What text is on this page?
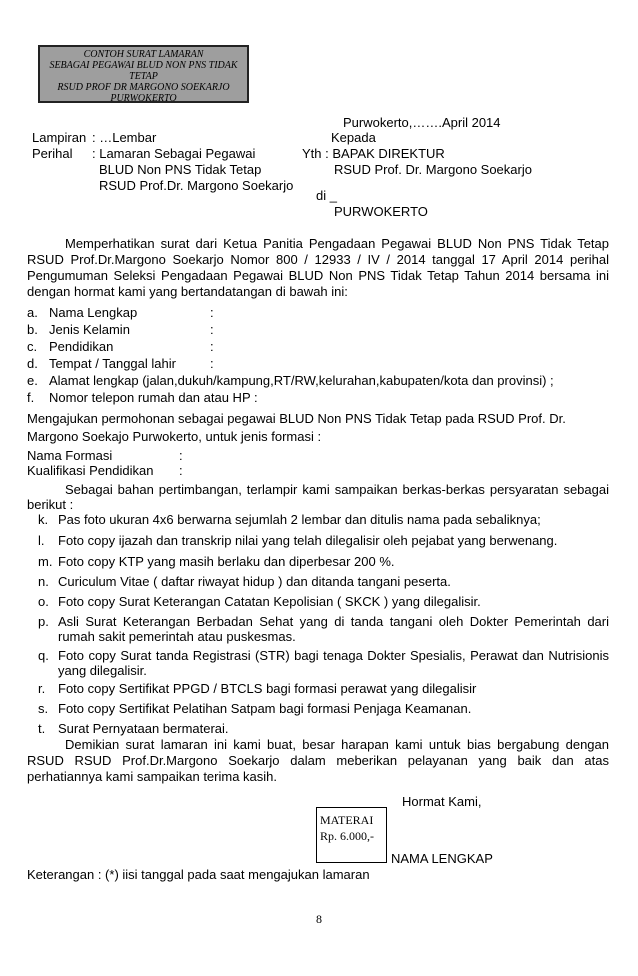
CONTOH SURAT LAMARAN
SEBAGAI PEGAWAI BLUD NON PNS TIDAK
TETAP
RSUD PROF DR MARGONO SOEKARJO
PURWOKERTO
Purwokerto,…….April 2014
Lampiran : …Lembar
Perihal : Lamaran Sebagai Pegawai
BLUD Non PNS Tidak Tetap
RSUD Prof.Dr. Margono Soekarjo
Kepada
Yth : BAPAK DIREKTUR
RSUD Prof. Dr. Margono Soekarjo
di _
PURWOKERTO
Memperhatikan surat dari Ketua Panitia Pengadaan Pegawai BLUD Non PNS Tidak Tetap RSUD Prof.Dr.Margono Soekarjo Nomor 800 / 12933 / IV / 2014 tanggal 17 April 2014 perihal Pengumuman Seleksi Pengadaan Pegawai BLUD Non PNS Tidak Tetap Tahun 2014 bersama ini dengan hormat kami yang bertandatangan di bawah ini:
a. Nama Lengkap	:
b. Jenis Kelamin	:
c. Pendidikan	:
d. Tempat / Tanggal lahir	:
e. Alamat lengkap (jalan,dukuh/kampung,RT/RW,kelurahan,kabupaten/kota dan provinsi) ;
f. Nomor telepon rumah dan atau HP :
Mengajukan permohonan sebagai pegawai BLUD Non PNS Tidak Tetap pada RSUD Prof. Dr. Margono Soekajo Purwokerto, untuk jenis formasi :
Nama Formasi	:
Kualifikasi Pendidikan :
Sebagai bahan pertimbangan, terlampir kami sampaikan berkas-berkas persyaratan sebagai berikut :
k. Pas foto ukuran 4x6 berwarna sejumlah 2 lembar dan ditulis nama pada sebaliknya;
l.	Foto copy ijazah dan transkrip nilai yang telah dilegalisir oleh pejabat yang berwenang.
m. Foto copy KTP yang masih berlaku dan diperbesar 200 %.
n. Curiculum Vitae ( daftar riwayat hidup ) dan ditanda tangani peserta.
o. Foto copy Surat Keterangan Catatan Kepolisian ( SKCK ) yang dilegalisir.
p. Asli Surat Keterangan Berbadan Sehat yang di tanda tangani oleh Dokter Pemerintah dari rumah sakit pemerintah atau puskesmas.
q. Foto copy Surat tanda Registrasi (STR) bagi tenaga Dokter Spesialis, Perawat dan Nutrisionis yang dilegalisir.
r. Foto copy Sertifikat PPGD / BTCLS bagi formasi perawat yang dilegalisir
s. Foto copy Sertifikat Pelatihan Satpam bagi formasi Penjaga Keamanan.
t. Surat Pernyataan bermaterai.
Demikian surat lamaran ini kami buat, besar harapan kami untuk bias bergabung dengan RSUD RSUD Prof.Dr.Margono Soekarjo dalam meberikan pelayanan yang baik dan atas perhatiannya kami sampaikan terima kasih.
Hormat Kami,
MATERAI
Rp. 6.000,-
NAMA LENGKAP
Keterangan : (*) iisi tanggal pada saat mengajukan lamaran
8
